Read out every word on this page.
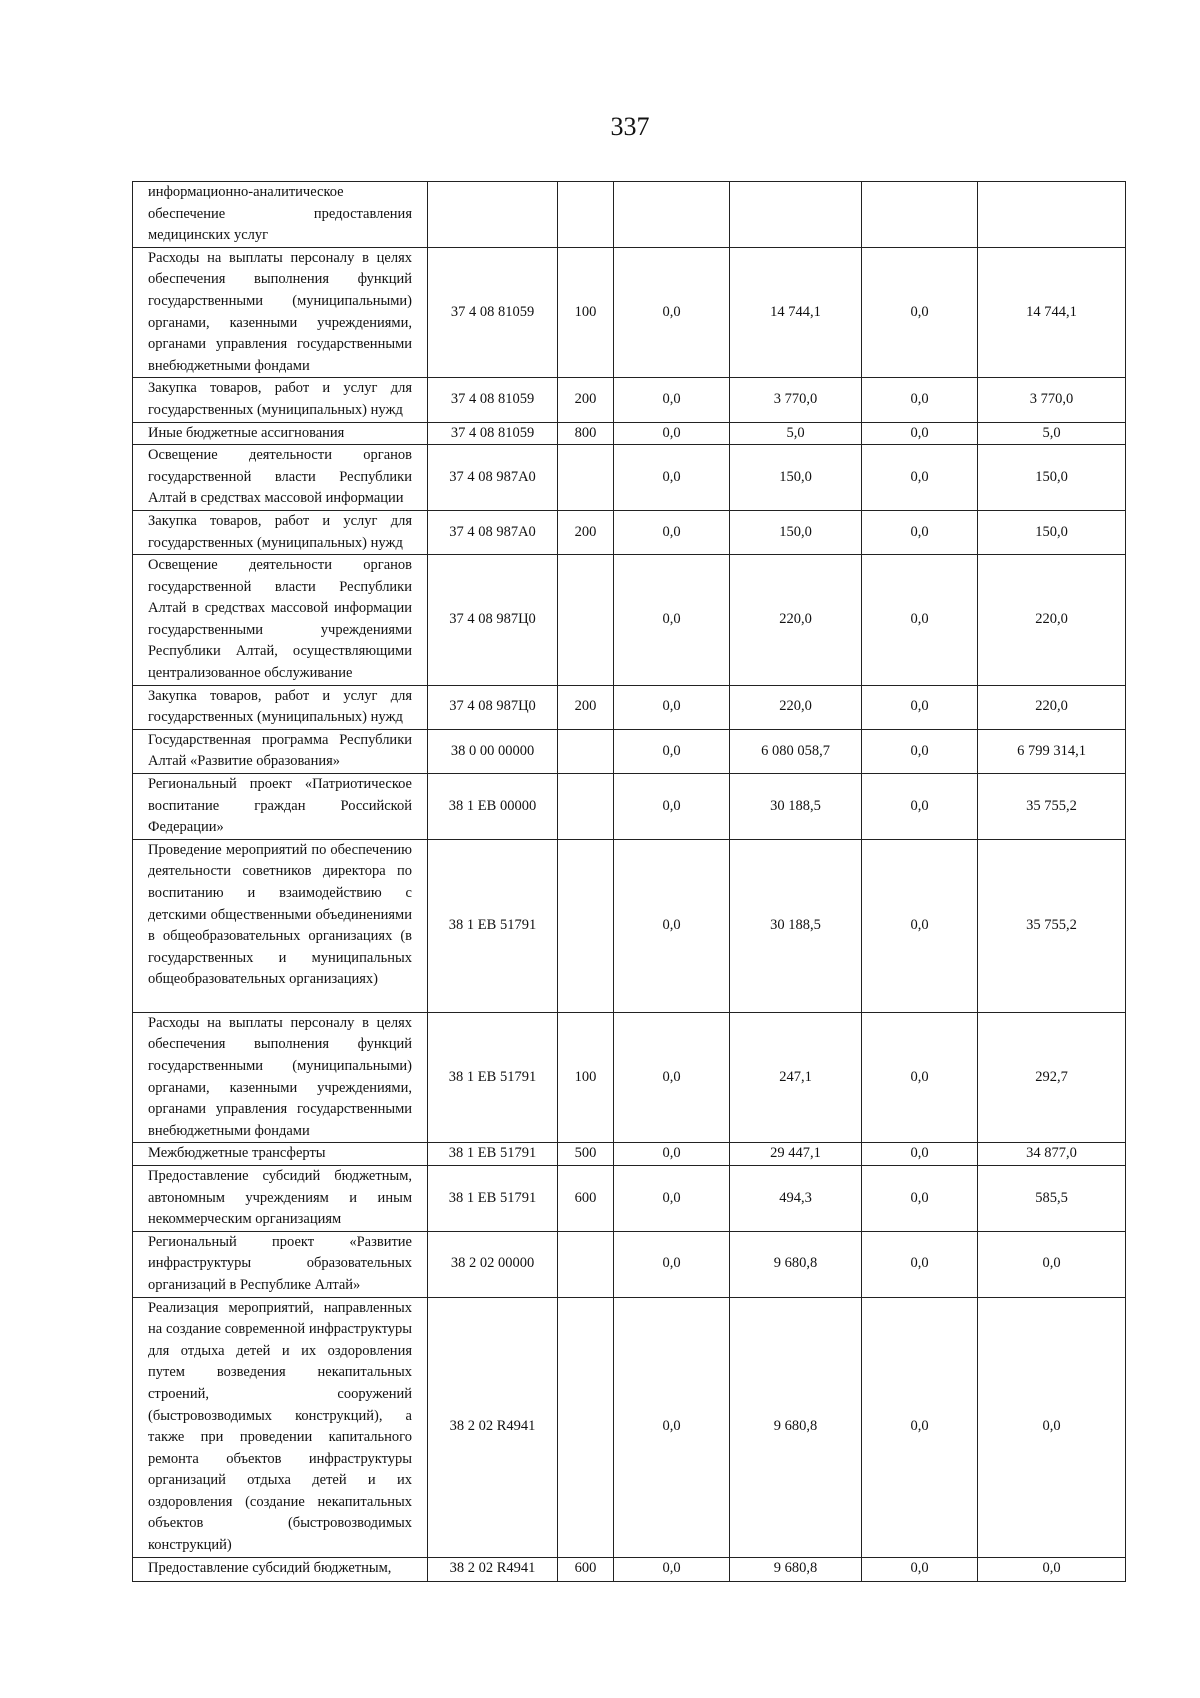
337
информационно-аналитическое обеспечение предоставления медицинских услуг						
Расходы на выплаты персоналу в целях обеспечения выполнения функций государственными (муниципальными) органами, казенными учреждениями, органами управления государственными внебюджетными фондами	37 4 08 81059	100	0,0	14 744,1	0,0	14 744,1
Закупка товаров, работ и услуг для государственных (муниципальных) нужд	37 4 08 81059	200	0,0	3 770,0	0,0	3 770,0
Иные бюджетные ассигнования	37 4 08 81059	800	0,0	5,0	0,0	5,0
Освещение деятельности органов государственной власти Республики Алтай в средствах массовой информации	37 4 08 987А0		0,0	150,0	0,0	150,0
Закупка товаров, работ и услуг для государственных (муниципальных) нужд	37 4 08 987А0	200	0,0	150,0	0,0	150,0
Освещение деятельности органов государственной власти Республики Алтай в средствах массовой информации государственными учреждениями Республики Алтай, осуществляющими централизованное обслуживание	37 4 08 987Ц0		0,0	220,0	0,0	220,0
Закупка товаров, работ и услуг для государственных (муниципальных) нужд	37 4 08 987Ц0	200	0,0	220,0	0,0	220,0
Государственная программа Республики Алтай «Развитие образования»	38 0 00 00000		0,0	6 080 058,7	0,0	6 799 314,1
Региональный проект «Патриотическое воспитание граждан Российской Федерации»	38 1 ЕВ 00000		0,0	30 188,5	0,0	35 755,2
Проведение мероприятий по обеспечению деятельности советников директора по воспитанию и взаимодействию с детскими общественными объединениями в общеобразовательных организациях (в государственных и муниципальных общеобразовательных организациях)	38 1 ЕВ 51791		0,0	30 188,5	0,0	35 755,2
Расходы на выплаты персоналу в целях обеспечения выполнения функций государственными (муниципальными) органами, казенными учреждениями, органами управления государственными внебюджетными фондами	38 1 ЕВ 51791	100	0,0	247,1	0,0	292,7
Межбюджетные трансферты	38 1 ЕВ 51791	500	0,0	29 447,1	0,0	34 877,0
Предоставление субсидий бюджетным, автономным учреждениям и иным некоммерческим организациям	38 1 ЕВ 51791	600	0,0	494,3	0,0	585,5
Региональный проект «Развитие инфраструктуры образовательных организаций в Республике Алтай»	38 2 02 00000		0,0	9 680,8	0,0	0,0
Реализация мероприятий, направленных на создание современной инфраструктуры для отдыха детей и их оздоровления путем возведения некапитальных строений, сооружений (быстровозводимых конструкций), а также при проведении капитального ремонта объектов инфраструктуры организаций отдыха детей и их оздоровления (создание некапитальных объектов (быстровозводимых конструкций)	38 2 02 R4941		0,0	9 680,8	0,0	0,0
Предоставление субсидий бюджетным,	38 2 02 R4941	600	0,0	9 680,8	0,0	0,0
